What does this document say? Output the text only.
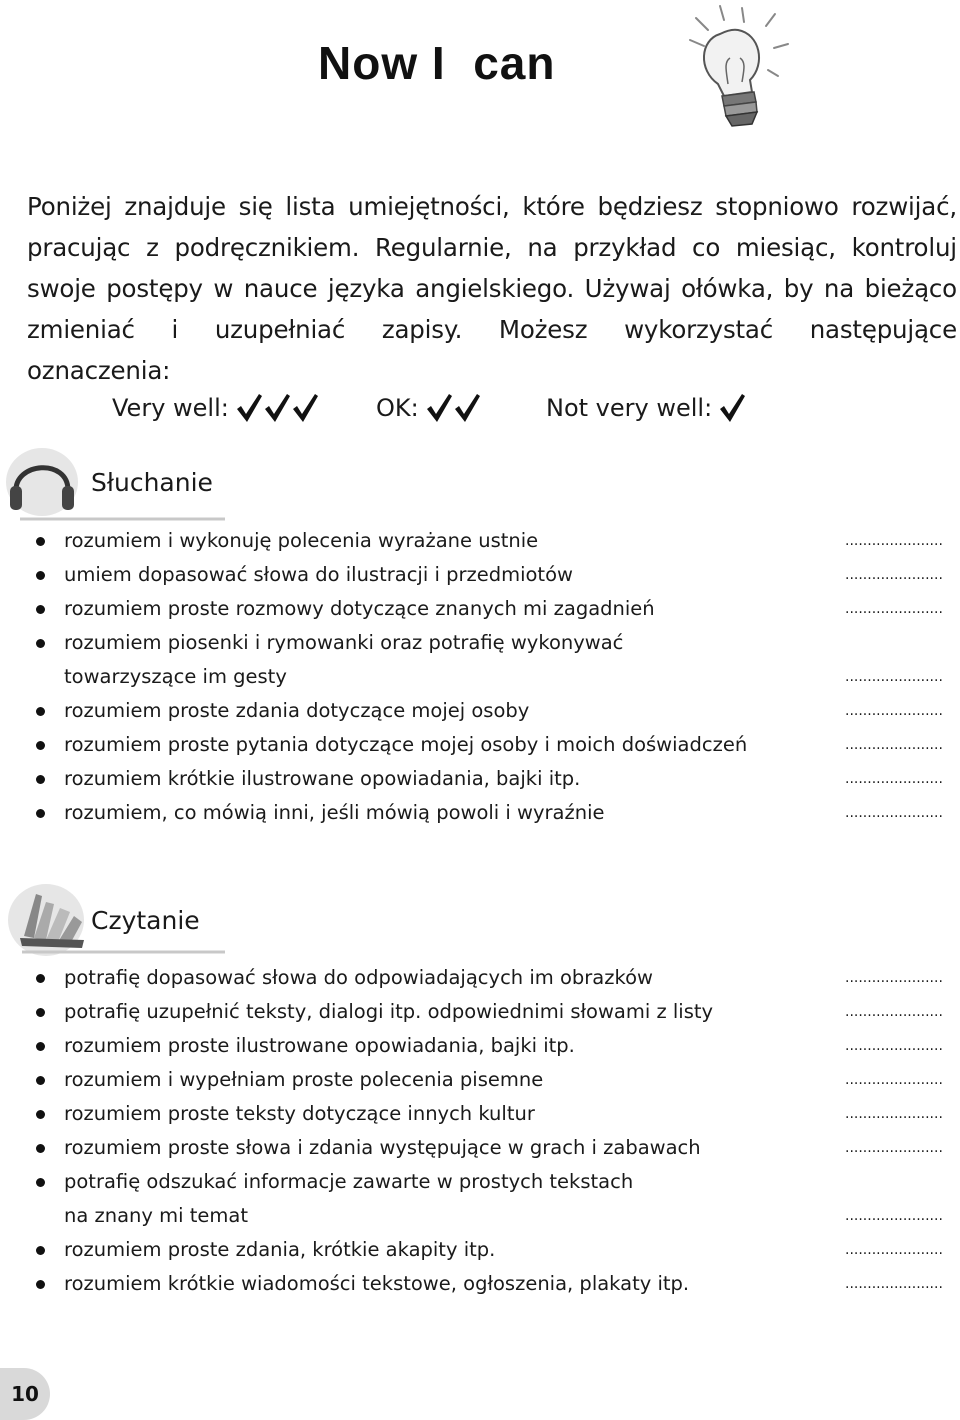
Now I  can
Poniżej znajduje się lista umiejętności, które będziesz stopniowo rozwijać,
pracując z podręcznikiem. Regularnie, na przykład co miesiąc, kontroluj
swoje postępy w nauce języka angielskiego. Używaj ołówka, by na bieżąco
zmieniać i uzupełniać zapisy. Możesz wykorzystać następujące
oznaczenia:
Very well:	OK:	Not very well:
Słuchanie
rozumiem i wykonuję polecenia wyrażane ustnie	......................
umiem dopasować słowa do ilustracji i przedmiotów	......................
rozumiem proste rozmowy dotyczące znanych mi zagadnień	......................
rozumiem piosenki i rymowanki oraz potrafię wykonywać
towarzyszące im gesty	......................
rozumiem proste zdania dotyczące mojej osoby	......................
rozumiem proste pytania dotyczące mojej osoby i moich doświadczeń	......................
rozumiem krótkie ilustrowane opowiadania, bajki itp.	......................
rozumiem, co mówią inni, jeśli mówią powoli i wyraźnie	......................
Czytanie
potrafię dopasować słowa do odpowiadających im obrazków	......................
potrafię uzupełnić teksty, dialogi itp. odpowiednimi słowami z listy	......................
rozumiem proste ilustrowane opowiadania, bajki itp.	......................
rozumiem i wypełniam proste polecenia pisemne	......................
rozumiem proste teksty dotyczące innych kultur	......................
rozumiem proste słowa i zdania występujące w grach i zabawach	......................
potrafię odszukać informacje zawarte w prostych tekstach
na znany mi temat	......................
rozumiem proste zdania, krótkie akapity itp.	......................
rozumiem krótkie wiadomości tekstowe, ogłoszenia, plakaty itp.	......................
10
